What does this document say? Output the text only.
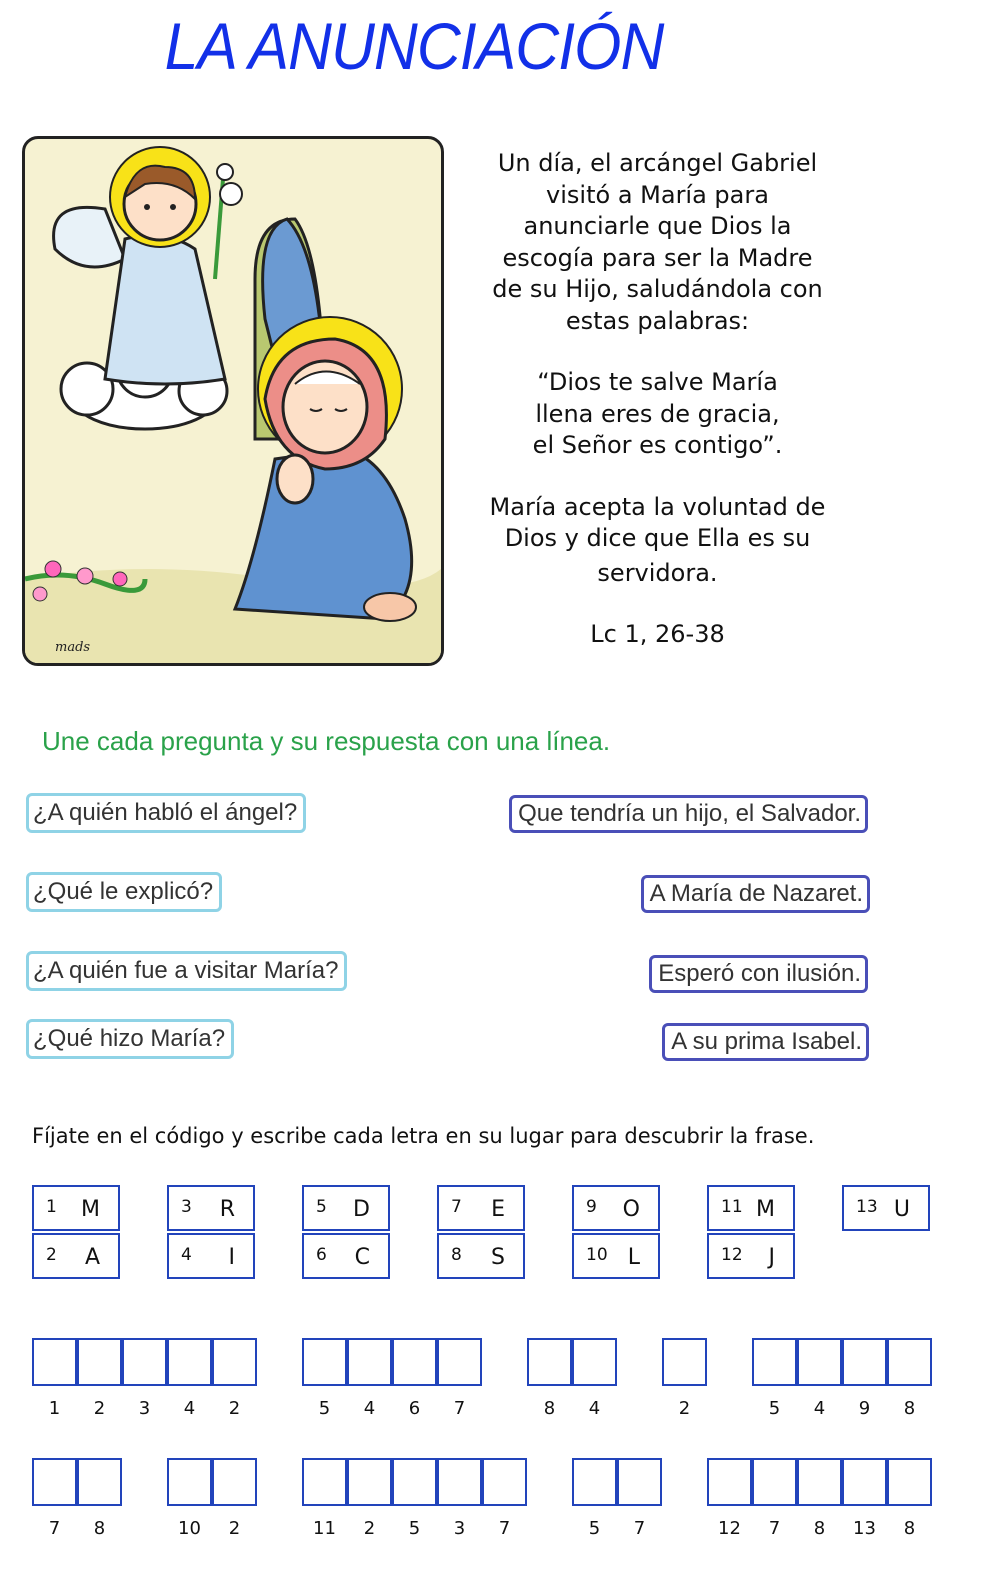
LA ANUNCIACIÓN
mads

Un día, el arcángel Gabriel

visitó a María para

anunciarle que Dios la

escogía para ser la Madre

de su Hijo, saludándola con

estas palabras:

“Dios te salve María

llena eres de gracia,

el Señor es contigo”.

María acepta la voluntad de

Dios y dice que Ella es su

servidora.

Lc 1, 26-38

Une cada pregunta y su respuesta con una línea.
¿A quién habló el ángel?
¿Qué le explicó?
¿A quién fue a visitar María?
¿Qué hizo María?
Que tendría un hijo, el Salvador.
A María de Nazaret.
Esperó con ilusión.
A su prima Isabel.
Fíjate en el código y escribe cada letra en su lugar para descubrir la frase.
1 M
2 A
3 R
4 I
5 D
6 C
7 E
8 S
9 O
10 L
11 M
12 J
13 U
1	2	3	4	2	5	4	6	7	8	4	2	5	4	9	8
7	8	10	2	11	2	5	3	7	5	7	12	7	8	13	8
